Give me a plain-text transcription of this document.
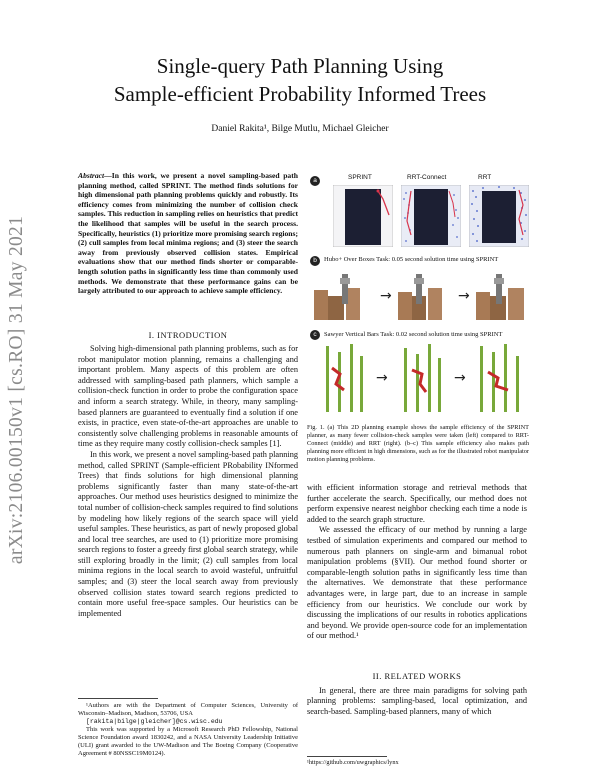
arXiv:2106.00150v1 [cs.RO] 31 May 2021
Single-query Path Planning Using
Sample-efficient Probability Informed Trees
Daniel Rakita¹, Bilge Mutlu, Michael Gleicher
Abstract—In this work, we present a novel sampling-based path planning method, called SPRINT. The method finds solutions for high dimensional path planning problems quickly and robustly. Its efficiency comes from minimizing the number of collision check samples. This reduction in sampling relies on heuristics that predict the likelihood that samples will be useful in the search process. Specifically, heuristics (1) prioritize more promising search regions; (2) cull samples from local minima regions; and (3) steer the search away from previously observed collision states. Empirical evaluations show that our method finds shorter or comparable-length solution paths in significantly less time than commonly used methods. We demonstrate that these performance gains can be largely attributed to our approach to achieve sample efficiency.
I. INTRODUCTION

Solving high-dimensional path planning problems, such as for robot manipulator motion planning, remains a challenging and important problem. Many aspects of this problem are often addressed with sampling-based path planners, which sample a collision-check function in order to probe the configuration space and inform a search strategy. While, in theory, many sampling-based planners are guaranteed to eventually find a solution if one exists, in practice, even state-of-the-art approaches are unable to consistently solve challenging problems in reasonable amounts of time as they require many costly collision-check samples [1].

In this work, we present a novel sampling-based path planning method, called SPRINT (Sample-efficient PRobability INformed Trees) that finds solutions for high dimensional planning problems significantly faster than many state-of-the-art approaches. Our method uses heuristics designed to minimize the total number of collision-check samples required to find solutions by modeling how likely regions of the search space will yield useful samples. These heuristics, as part of newly proposed global and local tree searches, are used to (1) prioritize more promising search regions to foster a greedy first global search strategy, while still exploring broadly in the limit; (2) cull samples from local minima regions in the local search to avoid wasteful, unfruitful samples; and (3) steer the local search away from previously observed collision states toward search regions predicted to contain more useful free-space samples. Our heuristics can be implemented

¹Authors are with the Department of Computer Sciences, University of Wisconsin–Madison, Madison, 53706, USA

[rakita|bilge|gleicher]@cs.wisc.edu

This work was supported by a Microsoft Research PhD Fellowship, National Science Foundation award 1830242, and a NASA University Leadership Initiative (ULI) grant awarded to the UW-Madison and The Boeing Company (Cooperative Agreement # 80NSSC19M0124).

a	SPRINT	RRT-Connect	RRT
b	Hubo+ Over Boxes Task: 0.05 second solution time using SPRINT
→	→
c	Sawyer Vertical Bars Task: 0.02 second solution time using SPRINT
→	→
Fig. 1. (a) This 2D planning example shows the sample efficiency of the SPRINT planner, as many fewer collision-check samples were taken (left) compared to RRT-Connect (middle) and RRT (right). (b–c) This sample efficiency also makes path planning more efficient in high dimensions, such as for the illustrated robot manipulator motion planning problems.

with efficient information storage and retrieval methods that further accelerate the search. Specifically, our method does not perform expensive nearest neighbor checking each time a node is added to the search graph structure.

We assessed the efficacy of our method by running a large testbed of simulation experiments and compared our method to numerous path planners on single-arm and bimanual robot manipulation problems (§VII). Our method found shorter or comparable-length solution paths in significantly less time than the alternatives. We demonstrate that these performance advantages were, in large part, due to an increase in sample efficiency from our heuristics. We conclude our work by discussing the implications of our results in robotics applications and beyond. We provide open-source code for an implementation of our method.¹

II. RELATED WORKS

In general, there are three main paradigms for solving path planning problems: sampling-based, local optimization, and search-based. Sampling-based planners, many of which

¹https://github.com/uwgraphics/lynx
